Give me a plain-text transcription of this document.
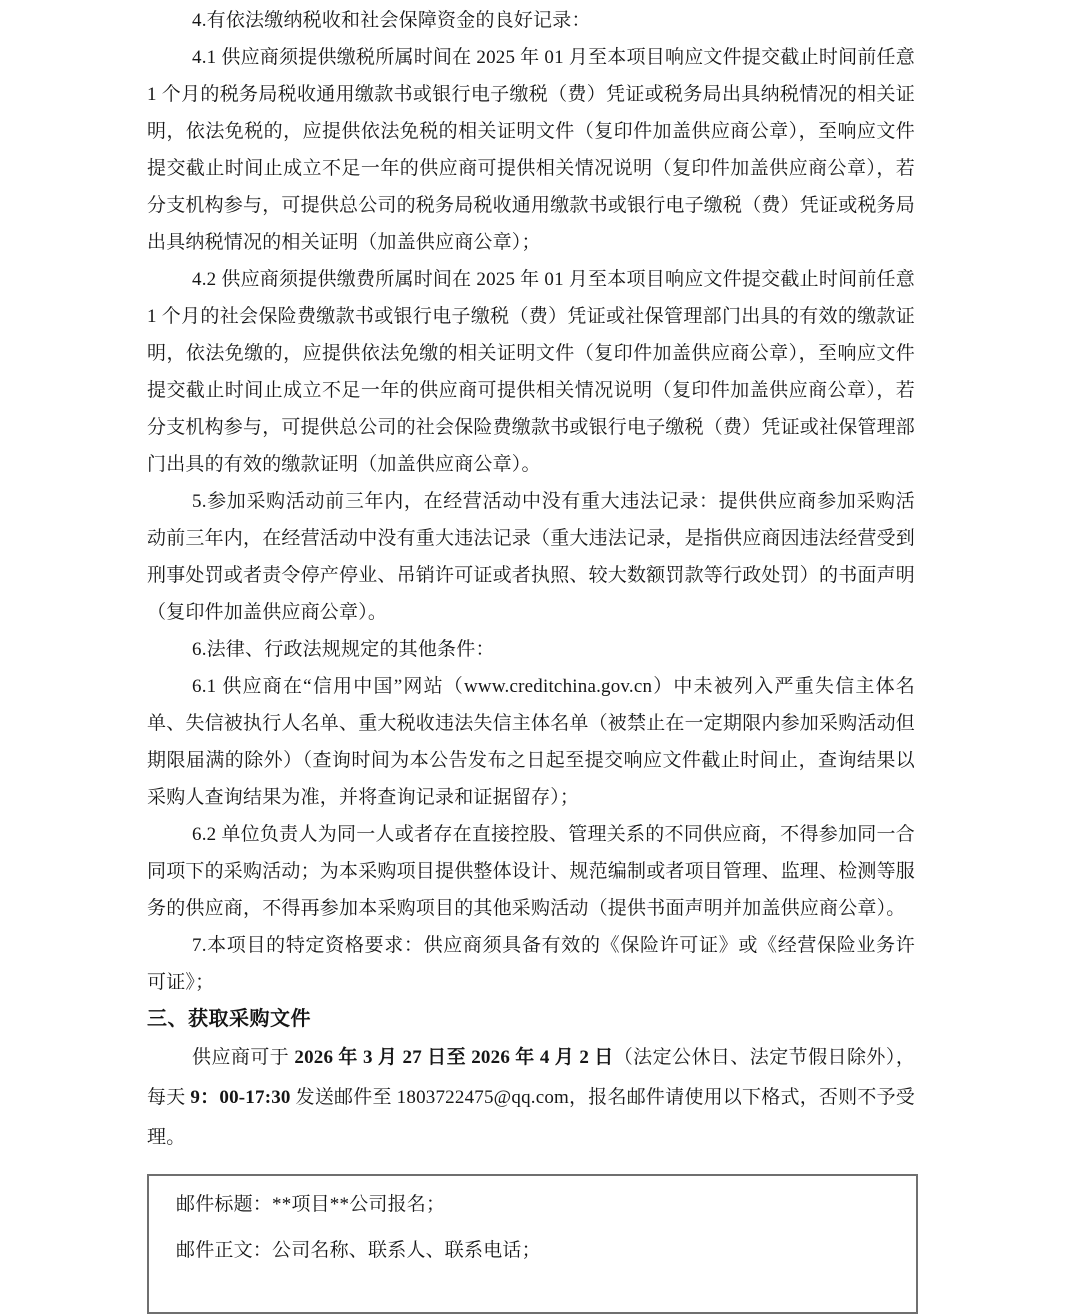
4.有依法缴纳税收和社会保障资金的良好记录：

4.1 供应商须提供缴税所属时间在 2025 年 01 月至本项目响应文件提交截止时间前任意 1 个月的税务局税收通用缴款书或银行电子缴税（费）凭证或税务局出具纳税情况的相关证明，依法免税的，应提供依法免税的相关证明文件（复印件加盖供应商公章），至响应文件提交截止时间止成立不足一年的供应商可提供相关情况说明（复印件加盖供应商公章），若分支机构参与，可提供总公司的税务局税收通用缴款书或银行电子缴税（费）凭证或税务局出具纳税情况的相关证明（加盖供应商公章）；

4.2 供应商须提供缴费所属时间在 2025 年 01 月至本项目响应文件提交截止时间前任意 1 个月的社会保险费缴款书或银行电子缴税（费）凭证或社保管理部门出具的有效的缴款证明，依法免缴的，应提供依法免缴的相关证明文件（复印件加盖供应商公章），至响应文件提交截止时间止成立不足一年的供应商可提供相关情况说明（复印件加盖供应商公章），若分支机构参与，可提供总公司的社会保险费缴款书或银行电子缴税（费）凭证或社保管理部门出具的有效的缴款证明（加盖供应商公章）。

5.参加采购活动前三年内，在经营活动中没有重大违法记录：提供供应商参加采购活动前三年内，在经营活动中没有重大违法记录（重大违法记录，是指供应商因违法经营受到刑事处罚或者责令停产停业、吊销许可证或者执照、较大数额罚款等行政处罚）的书面声明（复印件加盖供应商公章）。

6.法律、行政法规规定的其他条件：

6.1 供应商在“信用中国”网站（www.creditchina.gov.cn）中未被列入严重失信主体名单、失信被执行人名单、重大税收违法失信主体名单（被禁止在一定期限内参加采购活动但期限届满的除外）（查询时间为本公告发布之日起至提交响应文件截止时间止，查询结果以采购人查询结果为准，并将查询记录和证据留存）；

6.2 单位负责人为同一人或者存在直接控股、管理关系的不同供应商，不得参加同一合同项下的采购活动；为本采购项目提供整体设计、规范编制或者项目管理、监理、检测等服务的供应商，不得再参加本采购项目的其他采购活动（提供书面声明并加盖供应商公章）。

7.本项目的特定资格要求：供应商须具备有效的《保险许可证》或《经营保险业务许可证》；

三、获取采购文件

供应商可于 2026 年 3 月 27 日至 2026 年 4 月 2 日（法定公休日、法定节假日除外），每天 9：00-17:30 发送邮件至 1803722475@qq.com，报名邮件请使用以下格式，否则不予受理。

邮件标题：**项目**公司报名；

邮件正文：公司名称、联系人、联系电话；
